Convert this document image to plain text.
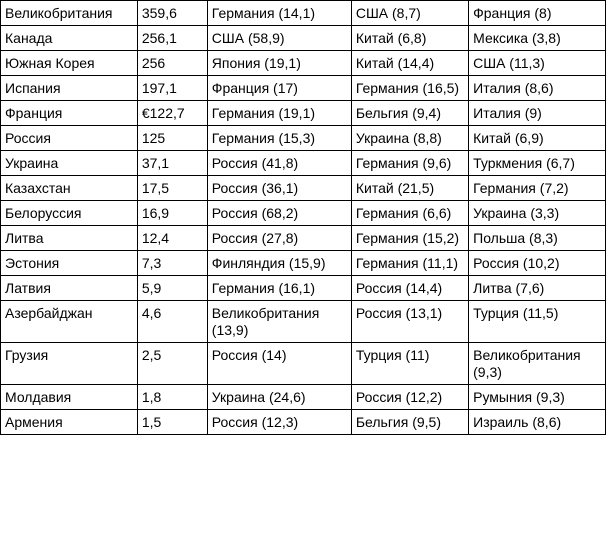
Великобритания	359,6	Германия (14,1)	США (8,7)	Франция (8)
Канада	256,1	США (58,9)	Китай (6,8)	Мексика (3,8)
Южная Корея	256	Япония (19,1)	Китай (14,4)	США (11,3)
Испания	197,1	Франция (17)	Германия (16,5)	Италия (8,6)
Франция	€122,7	Германия (19,1)	Бельгия (9,4)	Италия (9)
Россия	125	Германия (15,3)	Украина (8,8)	Китай (6,9)
Украина	37,1	Россия (41,8)	Германия (9,6)	Туркмения (6,7)
Казахстан	17,5	Россия (36,1)	Китай (21,5)	Германия (7,2)
Белоруссия	16,9	Россия (68,2)	Германия (6,6)	Украина (3,3)
Литва	12,4	Россия (27,8)	Германия (15,2)	Польша (8,3)
Эстония	7,3	Финляндия (15,9)	Германия (11,1)	Россия (10,2)
Латвия	5,9	Германия (16,1)	Россия (14,4)	Литва (7,6)
Азербайджан	4,6	Великобритания (13,9)	Россия (13,1)	Турция (11,5)
Грузия	2,5	Россия (14)	Турция (11)	Великобритания (9,3)
Молдавия	1,8	Украина (24,6)	Россия (12,2)	Румыния (9,3)
Армения	1,5	Россия (12,3)	Бельгия (9,5)	Израиль (8,6)
